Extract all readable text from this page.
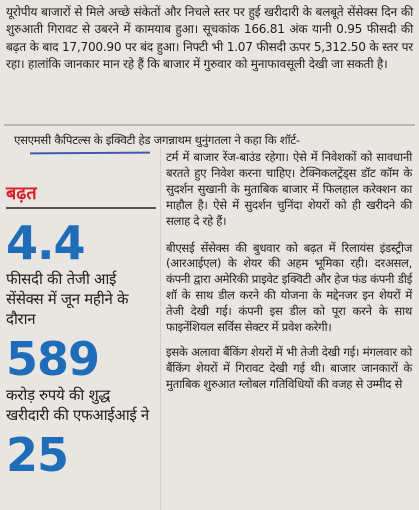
यूरोपीय बाजारों से मिले अच्छे संकेतों और निचले स्तर पर हुई खरीदारी के बलबूते सेंसेक्स दिन की शुरुआती गिरावट से उबरने में कामयाब हुआ। सूचकांक 166.81 अंक यानी 0.95 फीसदी की बढ़त के बाद 17,700.90 पर बंद हुआ। निफ्टी भी 1.07 फीसदी ऊपर 5,312.50 के स्तर पर रहा। हालांकि जानकार मान रहे हैं कि बाजार में गुरुवार को मुनाफावसूली देखी जा सकती है।

एसएमसी कैपिटल्स के इक्विटी हेड जगन्नाथम थुनुंगतला ने कहा कि शॉर्ट-

टर्म में बाजार रेंज-बाउंड रहेगा। ऐसे में निवेशकों को सावधानी बरतते हुए निवेश करना चाहिए। टेक्निकलट्रेंड्स डॉट कॉम के सुदर्शन सुखानी के मुताबिक बाजार में फिलहाल करेक्शन का माहौल है। ऐसे में सुदर्शन चुनिंदा शेयरों को ही खरीदने की सलाह दे रहे हैं।

बीएसई सेंसेक्स की बुधवार को बढ़त में रिलायंस इंडस्ट्रीज (आरआईएल) के शेयर की अहम भूमिका रही। दरअसल, कंपनी द्वारा अमेरिकी प्राइवेट इक्विटी और हेज फंड कंपनी डीई शॉ के साथ डील करने की योजना के मद्देनजर इन शेयरों में तेजी देखी गई। कंपनी इस डील को पूरा करने के साथ फाइनेंशियल सर्विस सेक्टर में प्रवेश करेगी।

इसके अलावा बैंकिंग शेयरों में भी तेजी देखी गई। मंगलवार को बैंकिंग शेयरों में गिरावट देखी गई थी। बाजार जानकारों के मुताबिक शुरुआत ग्लोबल गतिविधियों की वजह से उम्मीद से

बढ़त

4.4

फीसदी की तेजी आई सेंसेक्स में जून महीने के दौरान

589

करोड़ रुपये की शुद्ध खरीदारी की एफआईआई ने

25
